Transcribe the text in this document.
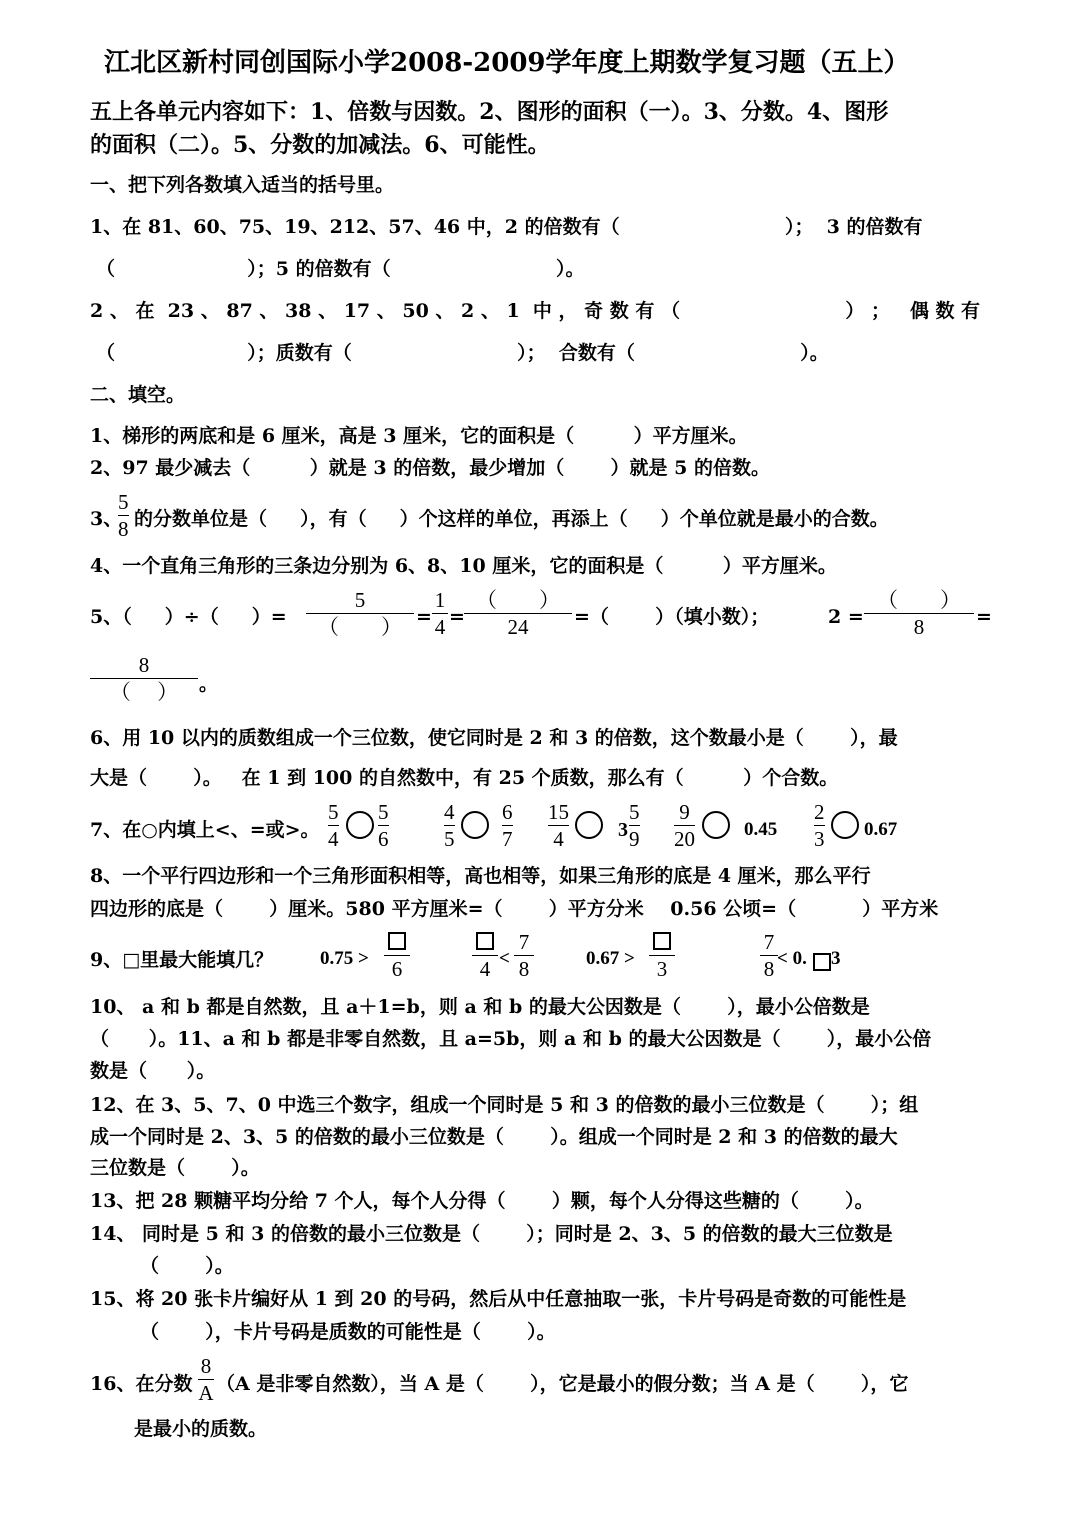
江北区新村同创国际小学2008-2009学年度上期数学复习题（五上）
五上各单元内容如下：1、倍数与因数。2、图形的面积（一）。3、分数。4、图形
的面积（二）。5、分数的加减法。6、可能性。
一、把下列各数填入适当的括号里。
1、在 81、60、75、19、212、57、46 中，2 的倍数有（                         ）；  3 的倍数有
（                    ）；5 的倍数有（                         ）。
2 、 在  23 、 87 、 38 、 17 、 50 、 2 、 1  中 ， 奇 数 有 （                         ） ；   偶 数 有
（                    ）；质数有（                         ）；  合数有（                         ）。
二、填空。
1、梯形的两底和是 6 厘米，高是 3 厘米，它的面积是（         ）平方厘米。
2、97 最少减去（         ）就是 3 的倍数，最少增加（       ）就是 5 的倍数。
3、
5
8 的分数单位是（     ），有（     ）个这样的单位，再添上（     ）个单位就是最小的合数。
4、一个直角三角形的三条边分别为 6、8、10 厘米，它的面积是（         ）平方厘米。
5、（     ）÷（     ）=
5
（        ） =
1
4 =
（        ）
24 =（       ）（填小数）；	2 =
（        ）
8	=
8
（     ） 。
6、用 10 以内的质数组成一个三位数，使它同时是 2 和 3 的倍数，这个数最小是（       ），最
大是（       ）。   在 1 到 100 的自然数中，有 25 个质数，那么有（         ）个合数。
7、在○内填上<、=或>。
5
4
5
6
4
5
6
7
15
4	3
5
9
9
20	0.45
2
3 0.67
8、一个平行四边形和一个三角形面积相等，高也相等，如果三角形的底是 4 厘米，那么平行
四边形的底是（       ）厘米。580 平方厘米=（       ）平方分米    0.56 公顷=（          ）平方米
9、□里最大能填几？ 0.75 > 6	4 <
7
8	0.67 > 3
7
8 < 0. 3
10、 a 和 b 都是自然数，且 a＋1=b，则 a 和 b 的最大公因数是（       ），最小公倍数是
（      ）。11、a 和 b 都是非零自然数，且 a=5b，则 a 和 b 的最大公因数是（       ），最小公倍
数是（      ）。
12、在 3、5、7、0 中选三个数字，组成一个同时是 5 和 3 的倍数的最小三位数是（       ）；组
成一个同时是 2、3、5 的倍数的最小三位数是（       ）。组成一个同时是 2 和 3 的倍数的最大
三位数是（       ）。
13、把 28 颗糖平均分给 7 个人，每个人分得（       ）颗，每个人分得这些糖的（       ）。
14、 同时是 5 和 3 的倍数的最小三位数是（       ）；同时是 2、3、5 的倍数的最大三位数是
（       ）。
15、将 20 张卡片编好从 1 到 20 的号码，然后从中任意抽取一张，卡片号码是奇数的可能性是
（       ），卡片号码是质数的可能性是（       ）。
16、在分数
8
A （A 是非零自然数），当 A 是（       ），它是最小的假分数；当 A 是（       ），它
是最小的质数。
